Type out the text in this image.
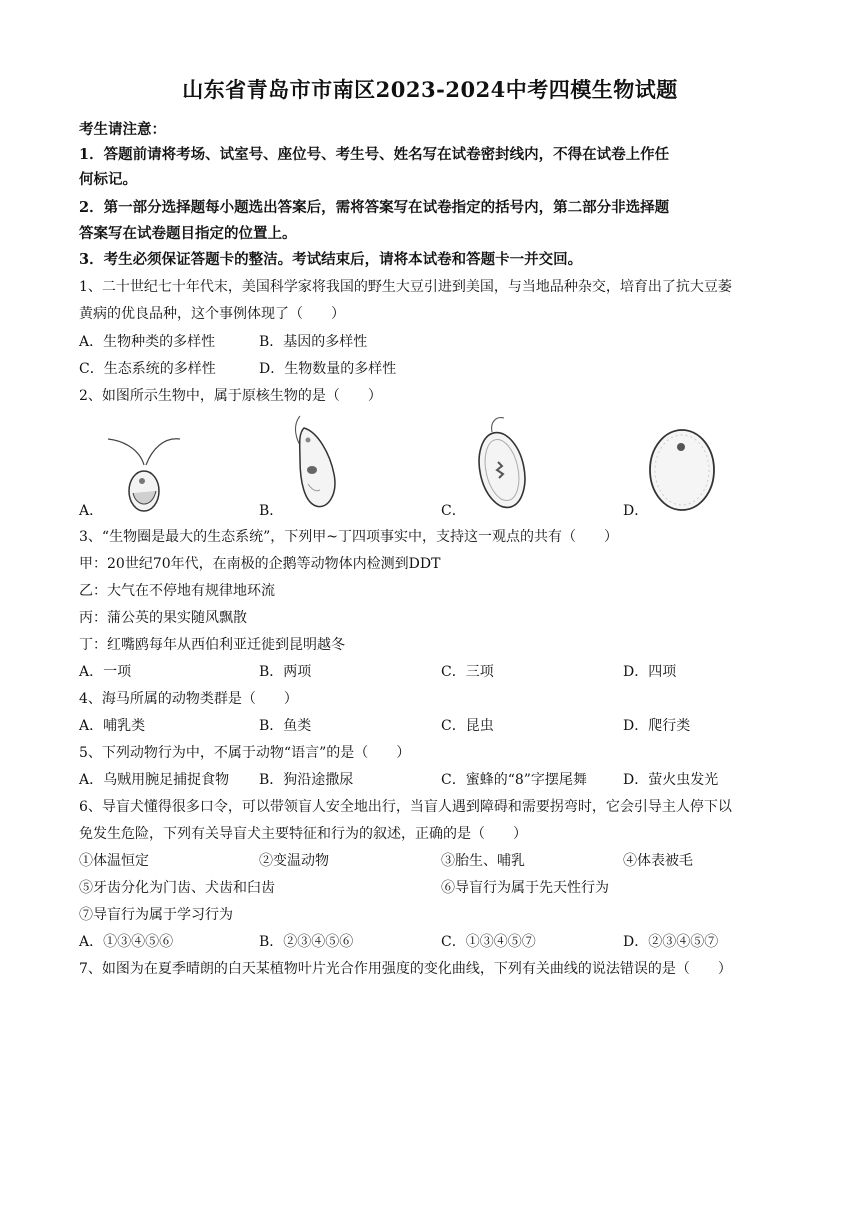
山东省青岛市市南区2023-2024中考四模生物试题
考生请注意：
1．答题前请将考场、试室号、座位号、考生号、姓名写在试卷密封线内，不得在试卷上作任
何标记。
2．第一部分选择题每小题选出答案后，需将答案写在试卷指定的括号内，第二部分非选择题
答案写在试卷题目指定的位置上。
3．考生必须保证答题卡的整洁。考试结束后，请将本试卷和答题卡一并交回。
1、二十世纪七十年代末，美国科学家将我国的野生大豆引进到美国，与当地品种杂交，培育出了抗大豆萎
黄病的优良品种，这个事例体现了（　　）
A．生物种类的多样性	B．基因的多样性
C．生态系统的多样性	D．生物数量的多样性
2、如图所示生物中，属于原核生物的是（　　）
A．	B．	C．	D．
3、“生物圈是最大的生态系统”，下列甲~丁四项事实中，支持这一观点的共有（　　）
甲：20世纪70年代，在南极的企鹅等动物体内检测到DDT
乙：大气在不停地有规律地环流
丙：蒲公英的果实随风飘散
丁：红嘴鸥每年从西伯利亚迁徙到昆明越冬
A．一项	B．两项	C．三项	D．四项
4、海马所属的动物类群是（　　）
A．哺乳类	B．鱼类	C．昆虫	D．爬行类
5、下列动物行为中，不属于动物“语言”的是（　　）
A．乌贼用腕足捕捉食物 B．狗沿途撒尿	C．蜜蜂的“8”字摆尾舞	D．萤火虫发光
6、导盲犬懂得很多口令，可以带领盲人安全地出行，当盲人遇到障碍和需要拐弯时，它会引导主人停下以
免发生危险，下列有关导盲犬主要特征和行为的叙述，正确的是（　　）
①体温恒定	②变温动物	③胎生、哺乳	④体表被毛
⑤牙齿分化为门齿、犬齿和臼齿	⑥导盲行为属于先天性行为
⑦导盲行为属于学习行为
A．①③④⑤⑥	B．②③④⑤⑥	C．①③④⑤⑦	D．②③④⑤⑦
7、如图为在夏季晴朗的白天某植物叶片光合作用强度的变化曲线，下列有关曲线的说法错误的是（　　）
